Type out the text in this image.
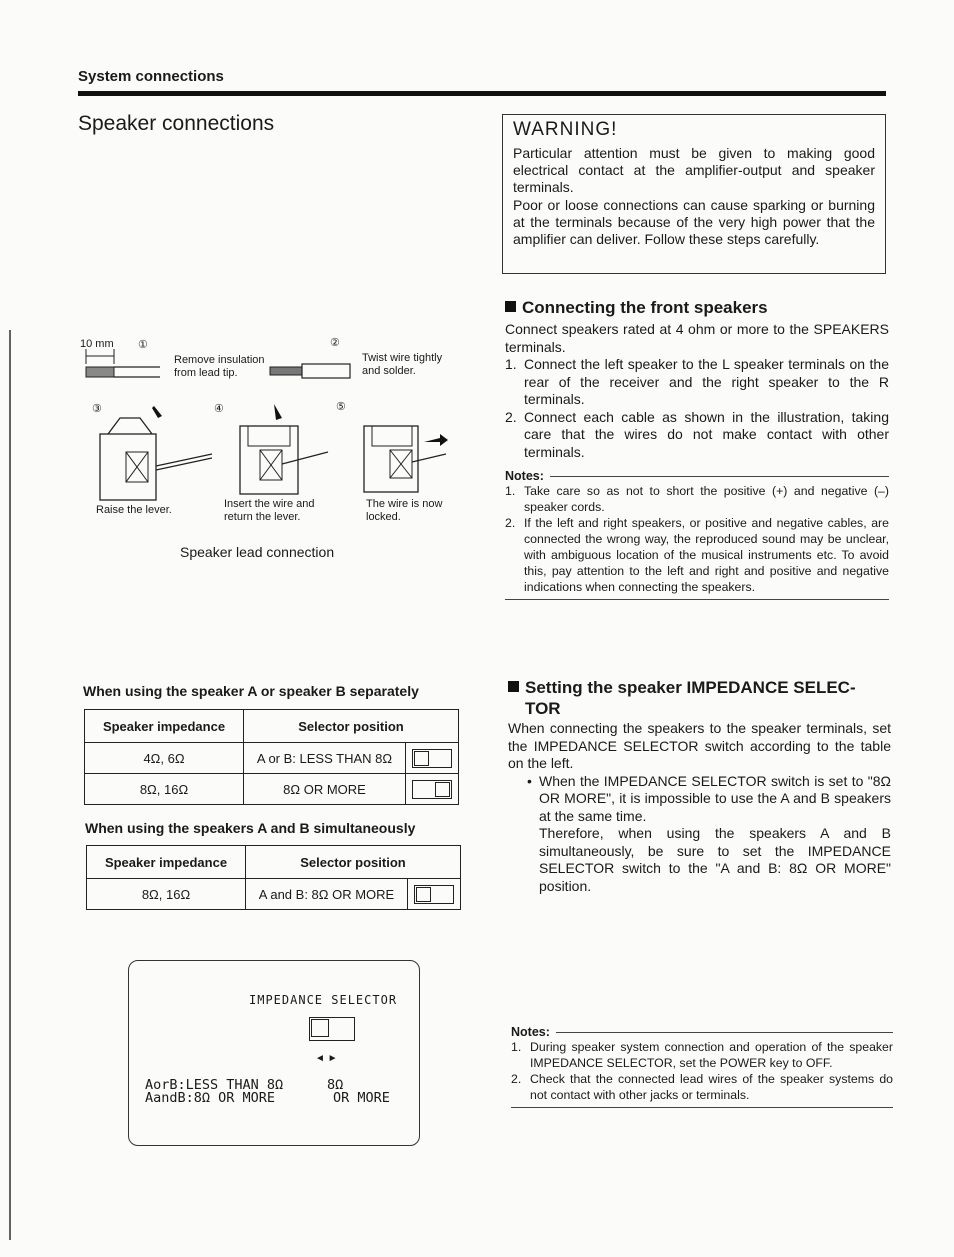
System connections
Speaker connections	WARNING!

Particular attention must be given to making good electrical contact at the amplifier-output and speaker terminals.

Poor or loose connections can cause sparking or burning at the terminals because of the very high power that the amplifier can deliver. Follow these steps carefully.

10 mm ①
Remove insulation from lead tip.
②
Twist wire tightly and solder.
③	④	⑤
Raise the lever.	Insert the wire and return the lever.
The wire is now locked.
Speaker lead connection
Connecting the front speakers
Connect speakers rated at 4 ohm or more to the SPEAKERS terminals.
1. Connect the left speaker to the L speaker terminals on the rear of the receiver and the right speaker to the R terminals.
2. Connect each cable as shown in the illustration, taking care that the wires do not make contact with other terminals.
Notes:
1. Take care so as not to short the positive (+) and negative (–) speaker cords.
2. If the left and right speakers, or positive and negative cables, are connected the wrong way, the reproduced sound may be unclear, with ambiguous location of the musical instruments etc. To avoid this, pay attention to the left and right and positive and negative indications when connecting the speakers.
When using the speaker A or speaker B separately
Speaker impedance	Selector position	
4Ω, 6Ω	A or B: LESS THAN 8Ω	

8Ω, 16Ω	8Ω OR MORE	
When using the speakers A and B simultaneously
Speaker impedance	Selector position	
8Ω, 16Ω	A and B: 8Ω OR MORE	
IMPEDANCE SELECTOR
◄ ►
AorB:LESS THAN 8Ω
AandB:8Ω OR MORE
8Ω
OR MORE
Setting the speaker IMPEDANCE SELEC-
TOR
When connecting the speakers to the speaker terminals, set the IMPEDANCE SELECTOR switch according to the table on the left.
• When the IMPEDANCE SELECTOR switch is set to "8Ω OR MORE", it is impossible to use the A and B speakers at the same time.
Therefore, when using the speakers A and B simultaneously, be sure to set the IMPEDANCE SELECTOR switch to the "A and B: 8Ω OR MORE" position.
Notes:
1. During speaker system connection and operation of the speaker IMPEDANCE SELECTOR, set the POWER key to OFF.
2. Check that the connected lead wires of the speaker systems do not contact with other jacks or terminals.
